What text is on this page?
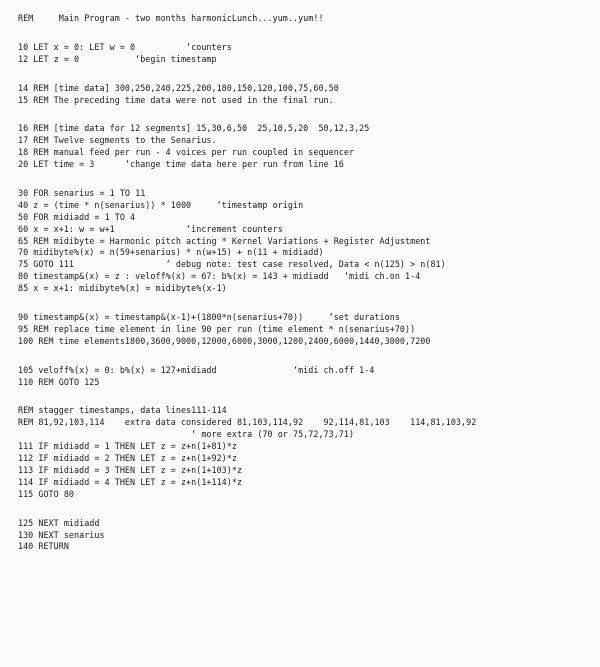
REM     Main Program - two months harmonicLunch...yum..yum!!
10 LET x = 0: LET w = 0          ‘counters
12 LET z = 0           ‘begin timestamp
14 REM [time data] 300,250,240,225,200,180,150,120,100,75,60,50
15 REM The preceding time data were not used in the final run.
16 REM [time data for 12 segments] 15,30,6,50  25,10,5,20  50,12,3,25
17 REM Twelve segments to the Senarius.
18 REM manual feed per run - 4 voices per run coupled in sequencer
20 LET time = 3      ‘change time data here per run from line 16
30 FOR senarius = 1 TO 11
40 z = (time * n(senarius)) * 1000     ‘timestamp origin
50 FOR midiadd = 1 TO 4
60 x = x+1: w = w+1              ‘increment counters
65 REM midibyte = Harmonic pitch acting * Kernel Variations + Register Adjustment
70 midibyte%(x) = n(59+senarius) * n(w+15) + n(11 + midiadd)
75 GOTO 111                  ‘ debug note: test case resolved, Data < n(125) > n(81)
80 timestamp&(x) = z : veloff%(x) = 67: b%(x) = 143 + midiadd   ‘midi ch.on 1-4
85 x = x+1: midibyte%(x) = midibyte%(x-1)
90 timestamp&(x) = timestamp&(x-1)+(1800*n(senarius+70))     ‘set durations
95 REM replace time element in line 90 per run (time element * n(senarius+70))
100 REM time elements1800,3600,9000,12000,6000,3000,1200,2400,6000,1440,3000,7200
105 veloff%(x) = 0: b%(x) = 127+midiadd               ‘midi ch.off 1-4
110 REM GOTO 125
REM stagger timestamps, data lines111-114
REM 81,92,103,114    extra data considered 81,103,114,92    92,114,81,103    114,81,103,92
‘ more extra (70 or 75,72,73,71)
111 IF midiadd = 1 THEN LET z = z+n(1+81)*z
112 IF midiadd = 2 THEN LET z = z+n(1+92)*z
113 IF midiadd = 3 THEN LET z = z+n(1+103)*z
114 IF midiadd = 4 THEN LET z = z+n(1+114)*z
115 GOTO 80
125 NEXT midiadd
130 NEXT senarius
140 RETURN
